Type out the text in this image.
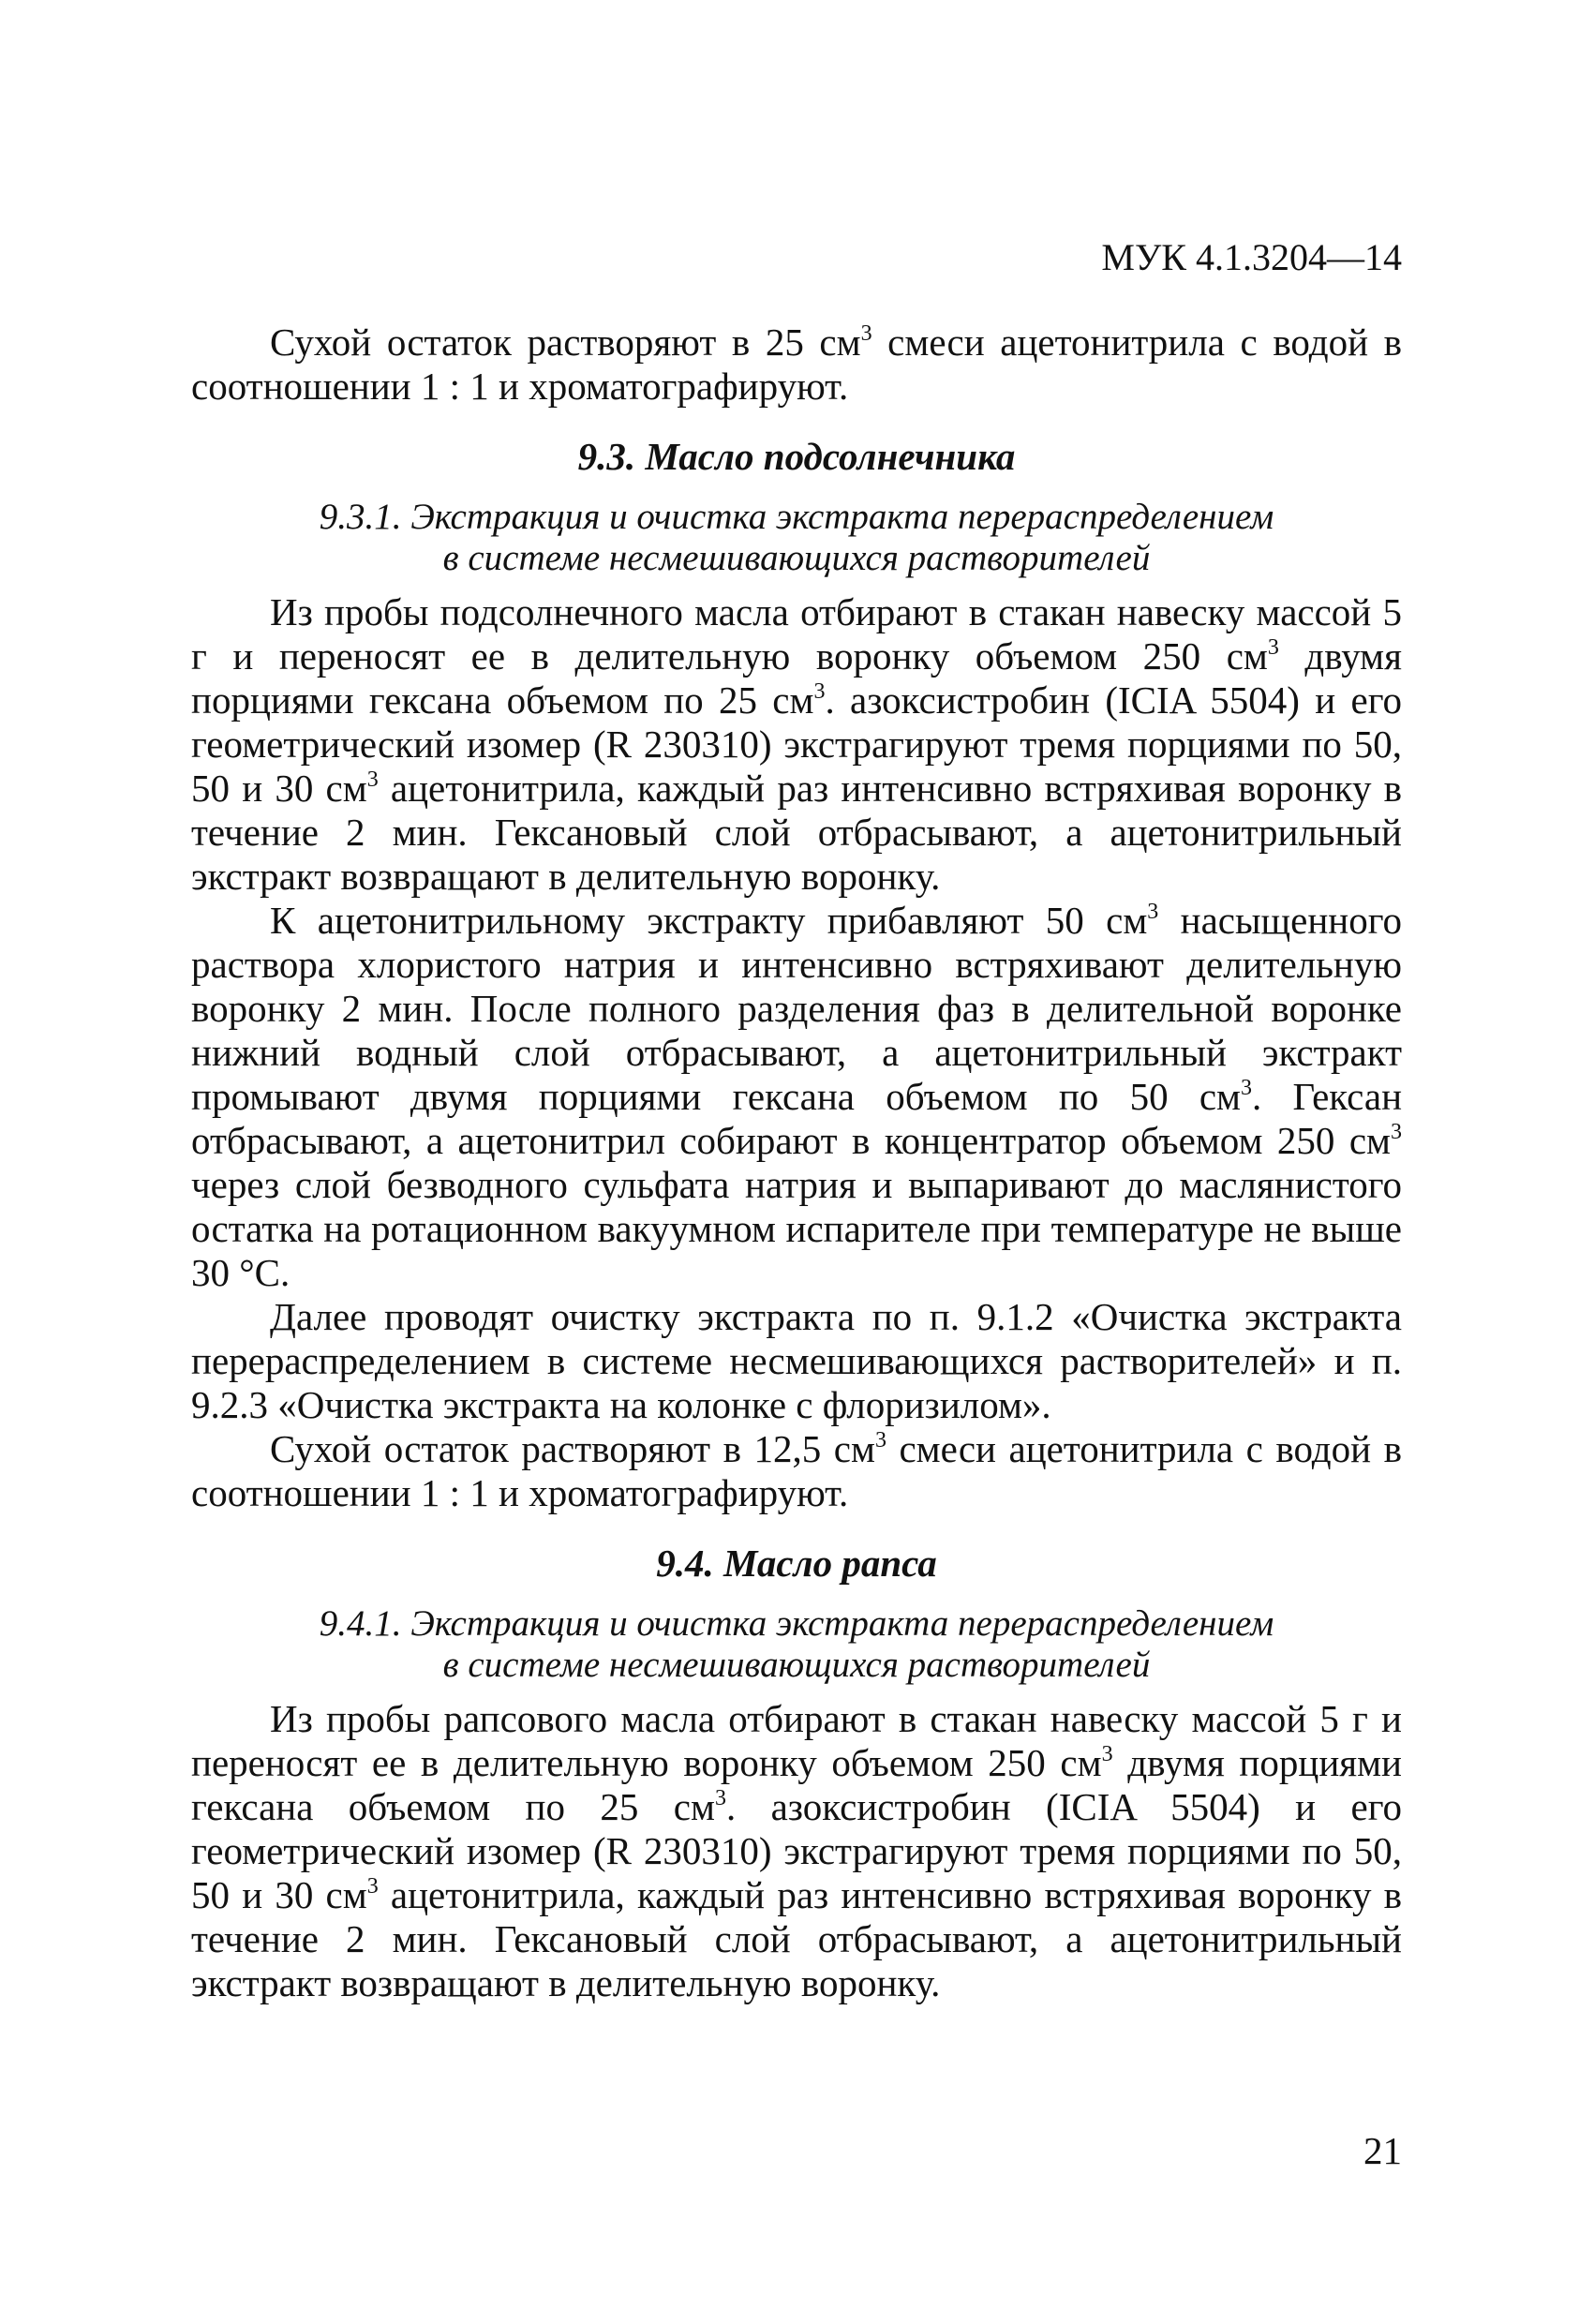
МУК 4.1.3204—14

Сухой остаток растворяют в 25 $см^3$ смеси ацетонитрила с водой в соотношении 1 : 1 и хроматографируют.

9.3. Масло подсолнечника
9.3.1. Экстракция и очистка экстракта перераспределением
в системе несмешивающихся растворителей

Из пробы подсолнечного масла отбирают в стакан навеску массой 5 г и переносят ее в делительную воронку объемом 250 $см^3$ двумя порциями гексана объемом по 25 $см^3$. азоксистробин (ICIA 5504) и его геометрический изомер (R 230310) экстрагируют тремя порциями по 50, 50 и 30 $см^3$ ацетонитрила, каждый раз интенсивно встряхивая воронку в течение 2 мин. Гексановый слой отбрасывают, а ацетонитрильный экстракт возвращают в делительную воронку.

К ацетонитрильному экстракту прибавляют 50 $см^3$ насыщенного раствора хлористого натрия и интенсивно встряхивают делительную воронку 2 мин. После полного разделения фаз в делительной воронке нижний водный слой отбрасывают, а ацетонитрильный экстракт промывают двумя порциями гексана объемом по 50 $см^3$. Гексан отбрасывают, а ацетонитрил собирают в концентратор объемом 250 $см^3$ через слой безводного сульфата натрия и выпаривают до маслянистого остатка на ротационном вакуумном испарителе при температуре не выше 30 °С.

Далее проводят очистку экстракта по п. 9.1.2 «Очистка экстракта перераспределением в системе несмешивающихся растворителей» и п. 9.2.3 «Очистка экстракта на колонке с флоризилом».

Сухой остаток растворяют в 12,5 $см^3$ смеси ацетонитрила с водой в соотношении 1 : 1 и хроматографируют.

9.4. Масло рапса
9.4.1. Экстракция и очистка экстракта перераспределением
в системе несмешивающихся растворителей

Из пробы рапсового масла отбирают в стакан навеску массой 5 г и переносят ее в делительную воронку объемом 250 $см^3$ двумя порциями гексана объемом по 25 $см^3$. азоксистробин (ICIA 5504) и его геометрический изомер (R 230310) экстрагируют тремя порциями по 50, 50 и 30 $см^3$ ацетонитрила, каждый раз интенсивно встряхивая воронку в течение 2 мин. Гексановый слой отбрасывают, а ацетонитрильный экстракт возвращают в делительную воронку.

21
